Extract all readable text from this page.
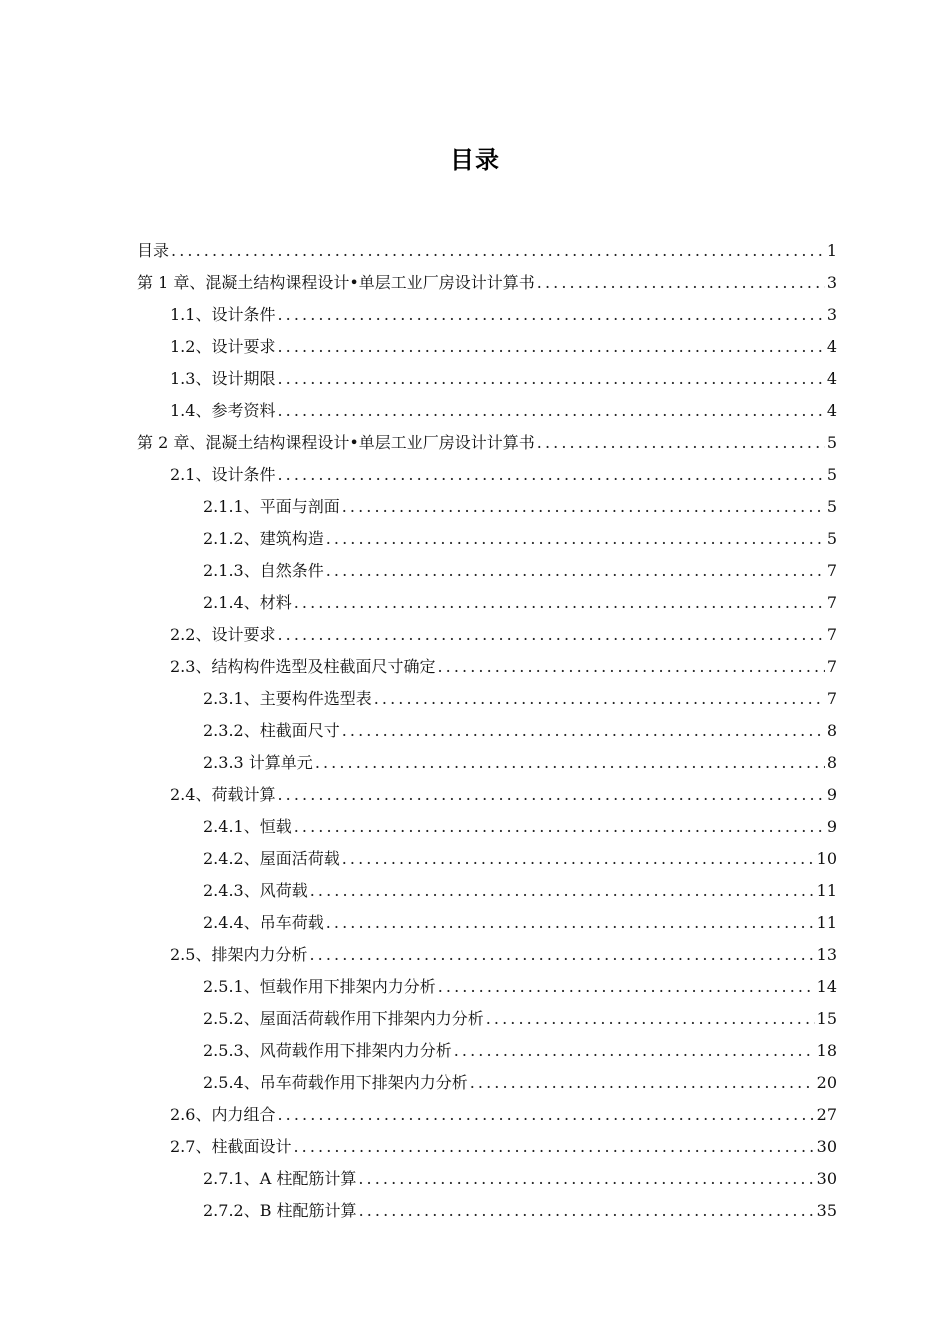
目录
目录 .....	1
第 1 章、混凝土结构课程设计•单层工业厂房设计计算书 .....	3
1.1、设计条件 .....	3
1.2、设计要求 .....	4
1.3、设计期限 .....	4
1.4、参考资料 .....	4
第 2 章、混凝土结构课程设计•单层工业厂房设计计算书 .....	5
2.1、设计条件 .....	5
2.1.1、平面与剖面 .....	5
2.1.2、建筑构造 .....	5
2.1.3、自然条件 .....	7
2.1.4、材料 .....	7
2.2、设计要求 .....	7
2.3、结构构件选型及柱截面尺寸确定 .....	7
2.3.1、主要构件选型表 .....	7
2.3.2、柱截面尺寸 .....	8
2.3.3 计算单元 .....	8
2.4、荷载计算 .....	9
2.4.1、恒载 .....	9
2.4.2、屋面活荷载 .....	10
2.4.3、风荷载 .....	11
2.4.4、吊车荷载 .....	11
2.5、排架内力分析 .....	13
2.5.1、恒载作用下排架内力分析 .....	14
2.5.2、屋面活荷载作用下排架内力分析 .....	15
2.5.3、风荷载作用下排架内力分析 .....	18
2.5.4、吊车荷载作用下排架内力分析 .....	20
2.6、内力组合 .....	27
2.7、柱截面设计 .....	30
2.7.1、A 柱配筋计算 .....	30
2.7.2、B 柱配筋计算 .....	35
